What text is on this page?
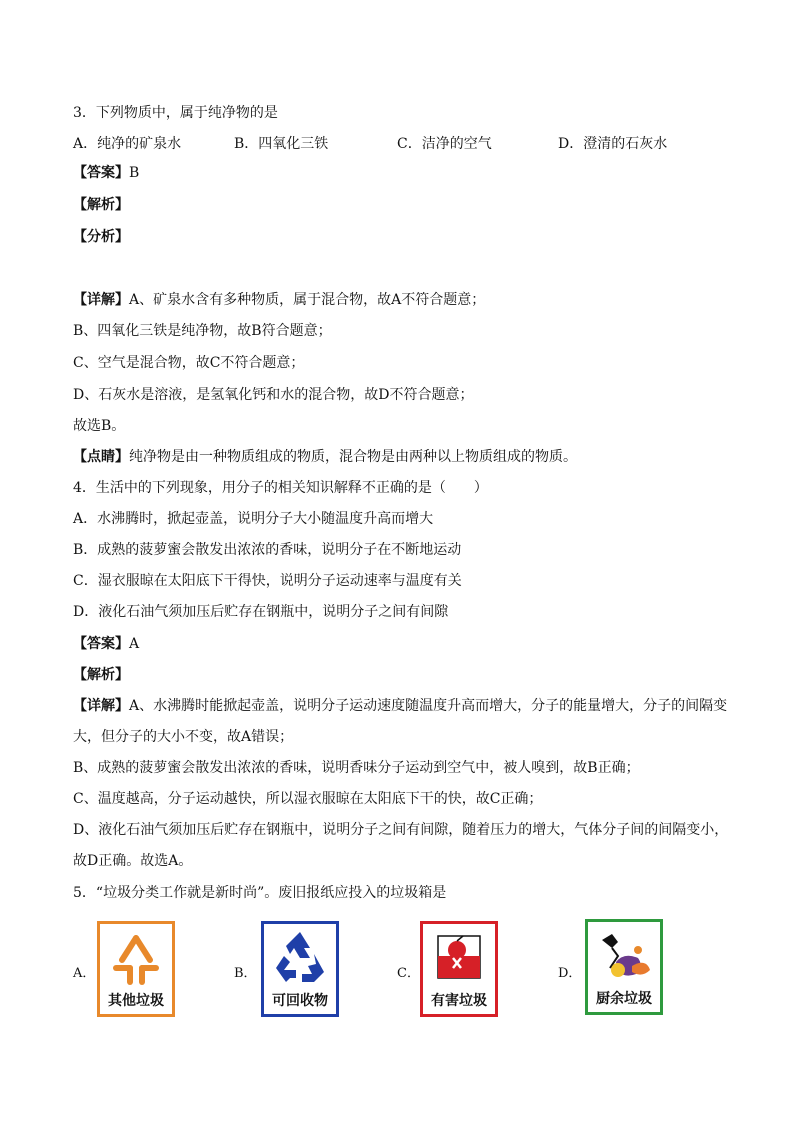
3．下列物质中，属于纯净物的是
A．纯净的矿泉水	B．四氧化三铁	C．洁净的空气	D．澄清的石灰水
【答案】B
【解析】
【分析】
【详解】A、矿泉水含有多种物质，属于混合物，故A不符合题意；
B、四氧化三铁是纯净物，故B符合题意；
C、空气是混合物，故C不符合题意；
D、石灰水是溶液，是氢氧化钙和水的混合物，故D不符合题意；
故选B。
【点睛】纯净物是由一种物质组成的物质，混合物是由两种以上物质组成的物质。
4．生活中的下列现象，用分子的相关知识解释不正确的是（　　）
A．水沸腾时，掀起壶盖，说明分子大小随温度升高而增大
B．成熟的菠萝蜜会散发出浓浓的香味，说明分子在不断地运动
C．湿衣服晾在太阳底下干得快，说明分子运动速率与温度有关
D．液化石油气须加压后贮存在钢瓶中，说明分子之间有间隙
【答案】A
【解析】
【详解】A、水沸腾时能掀起壶盖，说明分子运动速度随温度升高而增大，分子的能量增大，分子的间隔变
大，但分子的大小不变，故A错误；
B、成熟的菠萝蜜会散发出浓浓的香味，说明香味分子运动到空气中，被人嗅到，故B正确；
C、温度越高，分子运动越快，所以湿衣服晾在太阳底下干的快，故C正确；
D、液化石油气须加压后贮存在钢瓶中，说明分子之间有间隙，随着压力的增大，气体分子间的间隔变小，
故D正确。故选A。
5．“垃圾分类工作就是新时尚”。废旧报纸应投入的垃圾箱是
A．
其他垃圾
B．
可回收物
C．
有害垃圾
D．
厨余垃圾
